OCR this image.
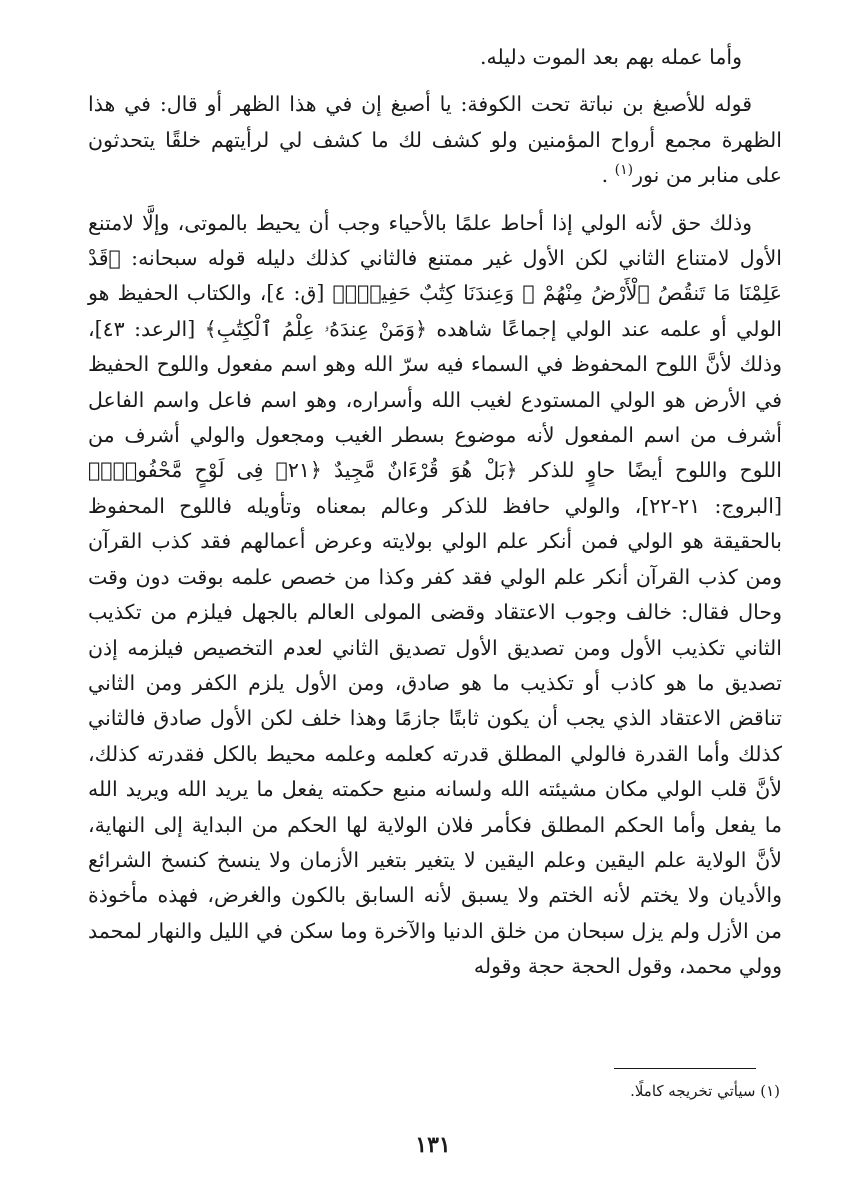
وأما عمله بهم بعد الموت دليله.

قوله للأصبغ بن نباتة تحت الكوفة: يا أصبغ إن في هذا الظهر أو قال: في هذا الظهرة مجمع أرواح المؤمنين ولو كشف لك ما كشف لي لرأيتهم خلقًا يتحدثون على منابر من نور$^{(١)}$ .

وذلك حق لأنه الولي إذا أحاط علمًا بالأحياء وجب أن يحيط بالموتى، وإلَّا لامتنع الأول لامتناع الثاني لكن الأول غير ممتنع فالثاني كذلك دليله قوله سبحانه: ﴿قَدْ عَلِمْنَا مَا تَنقُصُ ٱلْأَرْضُ مِنْهُمْ ۖ وَعِندَنَا كِتَٰبٌ حَفِيظٌۢ﴾ [ق: ٤]، والكتاب الحفيظ هو الولي أو علمه عند الولي إجماعًا شاهده ﴿وَمَنْ عِندَهُۥ عِلْمُ ٱلْكِتَٰبِ﴾ [الرعد: ٤٣]، وذلك لأنَّ اللوح المحفوظ في السماء فيه سرّ الله وهو اسم مفعول واللوح الحفيظ في الأرض هو الولي المستودع لغيب الله وأسراره، وهو اسم فاعل واسم الفاعل أشرف من اسم المفعول لأنه موضوع بسطر الغيب ومجعول والولي أشرف من اللوح واللوح أيضًا حاوٍ للذكر ﴿بَلْ هُوَ قُرْءَانٌ مَّجِيدٌ ﴿٢١﴾ فِى لَوْحٍ مَّحْفُوظٍۭ﴾ [البروج: ٢١-٢٢]، والولي حافظ للذكر وعالم بمعناه وتأويله فاللوح المحفوظ بالحقيقة هو الولي فمن أنكر علم الولي بولايته وعرض أعمالهم فقد كذب القرآن ومن كذب القرآن أنكر علم الولي فقد كفر وكذا من خصص علمه بوقت دون وقت وحال فقال: خالف وجوب الاعتقاد وقضى المولى العالم بالجهل فيلزم من تكذيب الثاني تكذيب الأول ومن تصديق الأول تصديق الثاني لعدم التخصيص فيلزمه إذن تصديق ما هو كاذب أو تكذيب ما هو صادق، ومن الأول يلزم الكفر ومن الثاني تناقض الاعتقاد الذي يجب أن يكون ثابتًا جازمًا وهذا خلف لكن الأول صادق فالثاني كذلك وأما القدرة فالولي المطلق قدرته كعلمه وعلمه محيط بالكل فقدرته كذلك، لأنَّ قلب الولي مكان مشيئته الله ولسانه منبع حكمته يفعل ما يريد الله ويريد الله ما يفعل وأما الحكم المطلق فكأمر فلان الولاية لها الحكم من البداية إلى النهاية، لأنَّ الولاية علم اليقين وعلم اليقين لا يتغير بتغير الأزمان ولا ينسخ كنسخ الشرائع والأديان ولا يختم لأنه الختم ولا يسبق لأنه السابق بالكون والغرض، فهذه مأخوذة من الأزل ولم يزل سبحان من خلق الدنيا والآخرة وما سكن في الليل والنهار لمحمد وولي محمد، وقول الحجة حجة وقوله

(١) سيأتي تخريجه كاملًا.
١٣١
